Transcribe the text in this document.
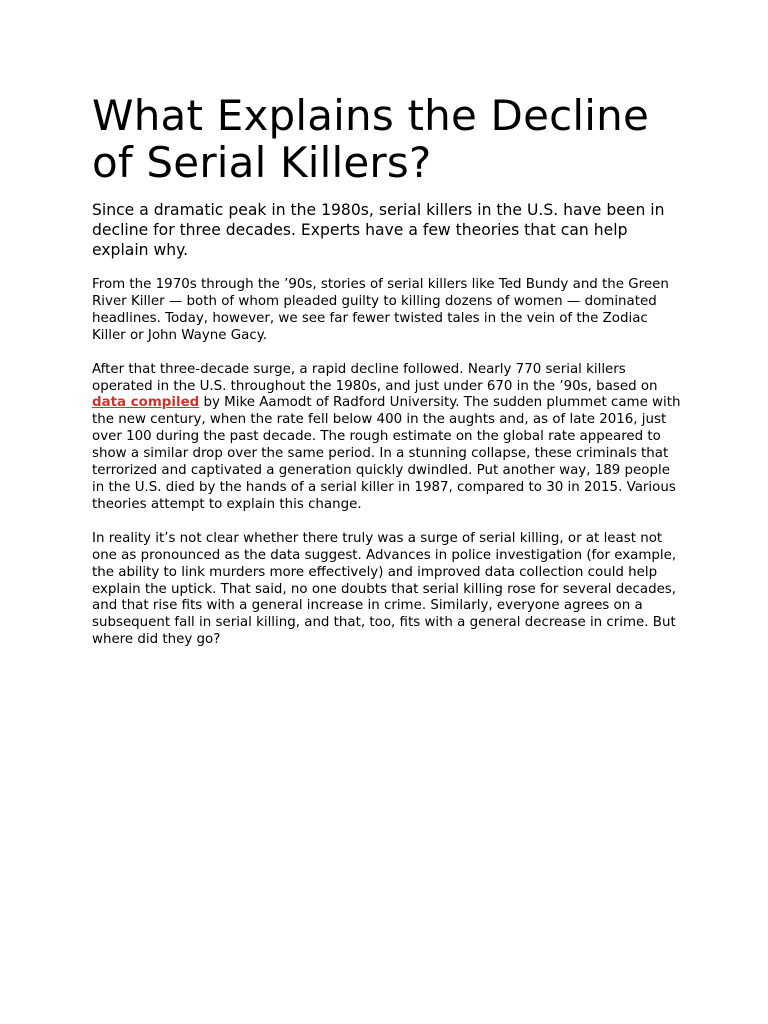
What Explains the Decline of Serial Killers?

Since a dramatic peak in the 1980s, serial killers in the U.S. have been in decline for three decades. Experts have a few theories that can help explain why.

From the 1970s through the ’90s, stories of serial killers like Ted Bundy and the Green River Killer — both of whom pleaded guilty to killing dozens of women — dominated headlines. Today, however, we see far fewer twisted tales in the vein of the Zodiac Killer or John Wayne Gacy.

After that three-decade surge, a rapid decline followed. Nearly 770 serial killers operated in the U.S. throughout the 1980s, and just under 670 in the ’90s, based on data compiled by Mike Aamodt of Radford University. The sudden plummet came with the new century, when the rate fell below 400 in the aughts and, as of late 2016, just over 100 during the past decade. The rough estimate on the global rate appeared to show a similar drop over the same period. In a stunning collapse, these criminals that terrorized and captivated a generation quickly dwindled. Put another way, 189 people in the U.S. died by the hands of a serial killer in 1987, compared to 30 in 2015. Various theories attempt to explain this change.

In reality it’s not clear whether there truly was a surge of serial killing, or at least not one as pronounced as the data suggest. Advances in police investigation (for example, the ability to link murders more effectively) and improved data collection could help explain the uptick. That said, no one doubts that serial killing rose for several decades, and that rise fits with a general increase in crime. Similarly, everyone agrees on a subsequent fall in serial killing, and that, too, fits with a general decrease in crime. But where did they go?
